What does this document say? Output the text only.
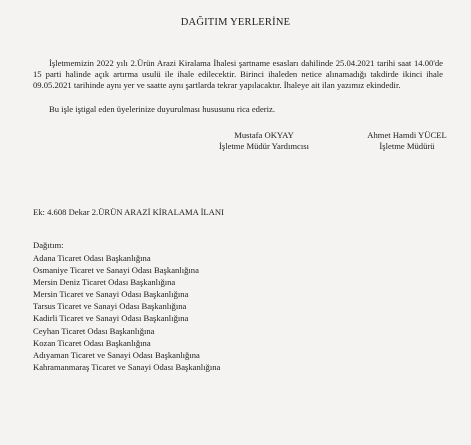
DAĞITIM YERLERİNE

İşletmemizin 2022 yılı 2.Ürün Arazi Kiralama İhalesi şartname esasları dahilinde 25.04.2021 tarihi saat 14.00'de 15 parti halinde açık artırma usulü ile ihale edilecektir. Birinci ihaleden netice alınamadığı takdirde ikinci ihale 09.05.2021 tarihinde aynı yer ve saatte aynı şartlarda tekrar yapılacaktır. İhaleye ait ilan yazımız ekindedir.

Bu işle iştigal eden üyelerinize duyurulması hususunu rica ederiz.

Mustafa OKYAY
İşletme Müdür Yardımcısı
Ahmet Hamdi YÜCEL
İşletme Müdürü
Ek: 4.608 Dekar 2.ÜRÜN ARAZİ KİRALAMA İLANI
Dağıtım:
Adana Ticaret Odası Başkanlığına
Osmaniye Ticaret ve Sanayi Odası Başkanlığına
Mersin Deniz Ticaret Odası Başkanlığına
Mersin Ticaret ve Sanayi Odası Başkanlığına
Tarsus Ticaret ve Sanayi Odası Başkanlığına
Kadirli Ticaret ve Sanayi Odası Başkanlığına
Ceyhan Ticaret Odası Başkanlığına
Kozan Ticaret Odası Başkanlığına
Adıyaman Ticaret ve Sanayi Odası Başkanlığına
Kahramanmaraş Ticaret ve Sanayi Odası Başkanlığına
